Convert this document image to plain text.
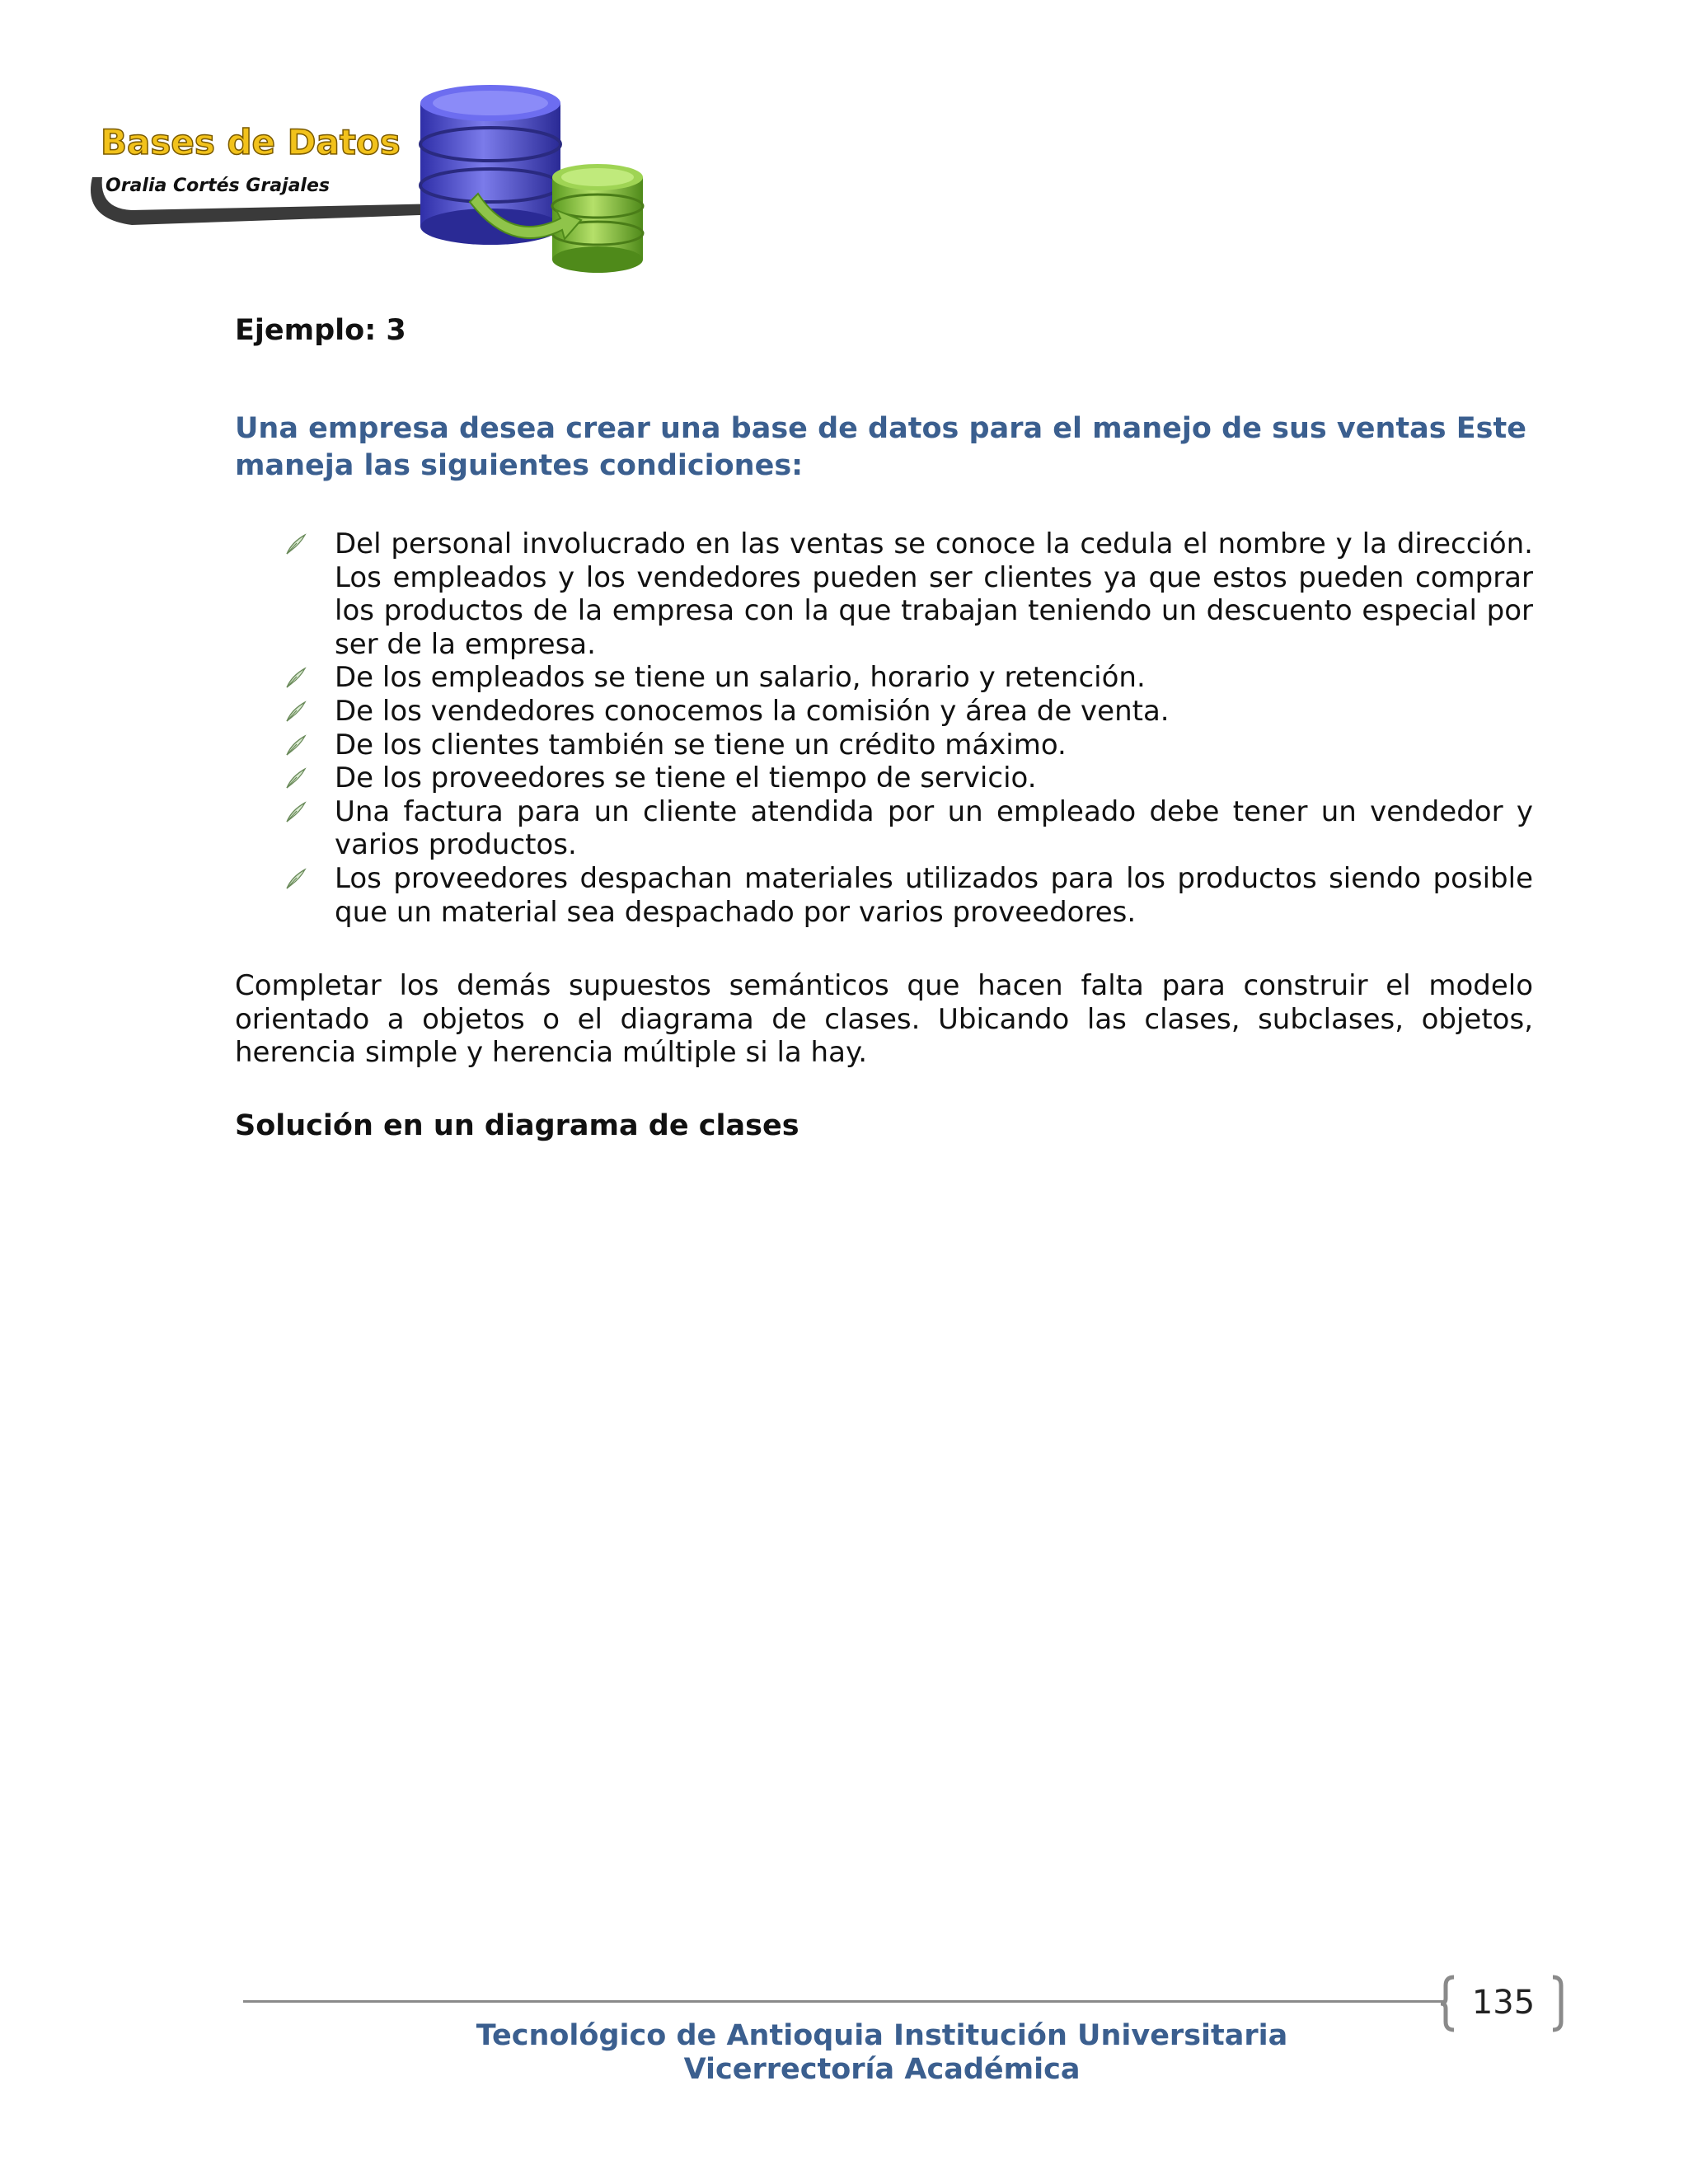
Bases de Datos
Oralia Cortés Grajales
Ejemplo: 3

Una empresa desea crear una base de datos para el manejo de sus ventas Este maneja las siguientes condiciones:

Del personal involucrado en las ventas se conoce la cedula el nombre y la dirección. Los empleados y los vendedores pueden ser clientes ya que estos pueden comprar los productos de la empresa con la que trabajan teniendo un descuento especial por ser de la empresa.
De los empleados se tiene un salario, horario y retención.
De los vendedores conocemos la comisión y área de venta.
De los clientes también se tiene un crédito máximo.
De los proveedores se tiene el tiempo de servicio.
Una factura para un cliente atendida por un empleado debe tener un vendedor y varios productos.
Los proveedores despachan materiales utilizados para los productos siendo posible que un material sea despachado por varios proveedores.

Completar los demás supuestos semánticos que hacen falta para construir el modelo orientado a objetos o el diagrama de clases. Ubicando las clases, subclases, objetos, herencia simple y herencia múltiple si la hay.

Solución en un diagrama de clases
135
Tecnológico de Antioquia Institución Universitaria
Vicerrectoría Académica
